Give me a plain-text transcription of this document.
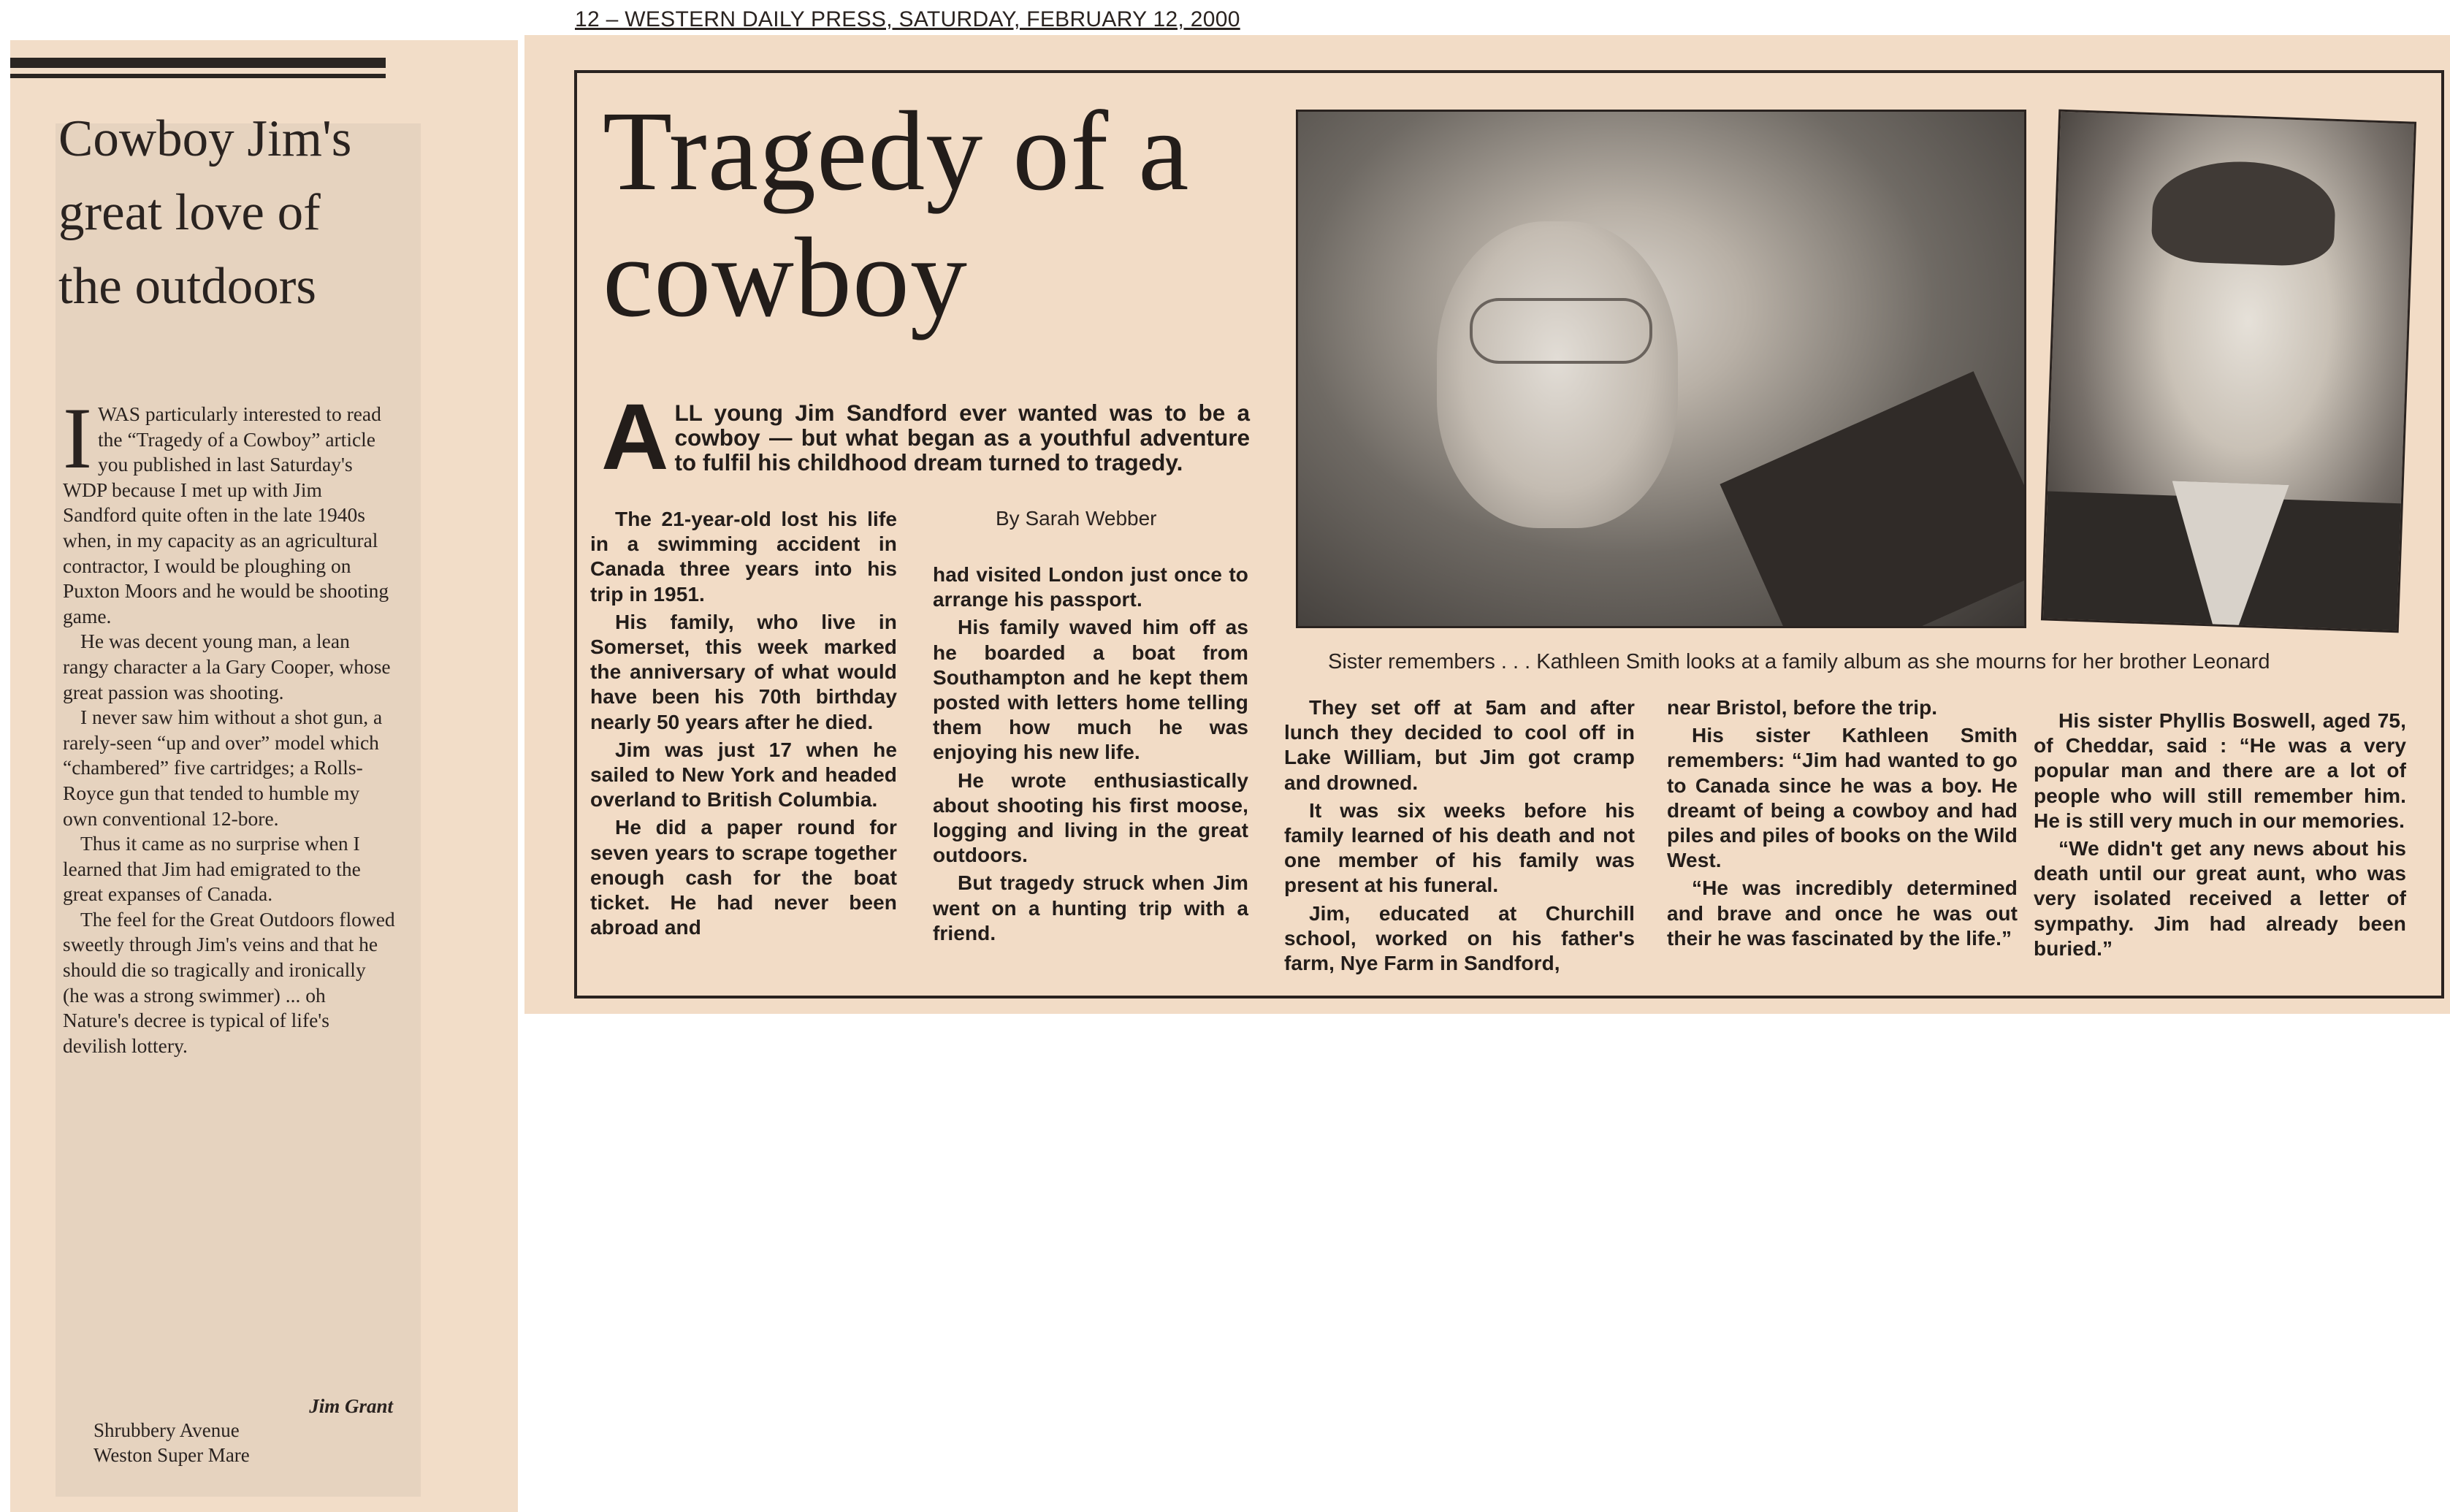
Cowboy Jim's great love of the outdoors

IWAS particularly interested to read the “Tragedy of a Cowboy” article you published in last Saturday's WDP because I met up with Jim Sandford quite often in the late 1940s when, in my capacity as an agricultural contractor, I would be ploughing on Puxton Moors and he would be shooting game.

He was decent young man, a lean rangy character a la Gary Cooper, whose great passion was shooting.

I never saw him without a shot gun, a rarely-seen “up and over” model which “chambered” five cartridges; a Rolls-Royce gun that tended to humble my own conventional 12-bore.

Thus it came as no surprise when I learned that Jim had emigrated to the great expanses of Canada.

The feel for the Great Outdoors flowed sweetly through Jim's veins and that he should die so tragically and ironically (he was a strong swimmer) ... oh Nature's decree is typical of life's devilish lottery.

Jim Grant
Shrubbery Avenue
Weston Super Mare
12 – WESTERN DAILY PRESS, SATURDAY, FEBRUARY 12, 2000
Tragedy of a cowboy
ALL young Jim Sandford ever wanted was to be a cowboy — but what began as a youthful adventure to fulfil his childhood dream turned to tragedy.
By Sarah Webber

The 21-year-old lost his life in a swimming accident in Canada three years into his trip in 1951.

His family, who live in Somerset, this week marked the anniversary of what would have been his 70th birthday nearly 50 years after he died.

Jim was just 17 when he sailed to New York and headed overland to British Columbia.

He did a paper round for seven years to scrape together enough cash for the boat ticket. He had never been abroad and

had visited London just once to arrange his passport.

His family waved him off as he boarded a boat from Southampton and he kept them posted with letters home telling them how much he was enjoying his new life.

He wrote enthusiastically about shooting his first moose, logging and living in the great outdoors.

But tragedy struck when Jim went on a hunting trip with a friend.

They set off at 5am and after lunch they decided to cool off in Lake William, but Jim got cramp and drowned.

It was six weeks before his family learned of his death and not one member of his family was present at his funeral.

Jim, educated at Churchill school, worked on his father's farm, Nye Farm in Sandford,

near Bristol, before the trip.

His sister Kathleen Smith remembers: “Jim had wanted to go to Canada since he was a boy. He dreamt of being a cowboy and had piles and piles of books on the Wild West.

“He was incredibly determined and brave and once he was out their he was fascinated by the life.”

His sister Phyllis Boswell, aged 75, of Cheddar, said : “He was a very popular man and there are a lot of people who will still remember him. He is still very much in our memories.

“We didn't get any news about his death until our great aunt, who was very isolated received a letter of sympathy. Jim had already been buried.”

Sister remembers . . . Kathleen Smith looks at a family album as she mourns for her brother Leonard
